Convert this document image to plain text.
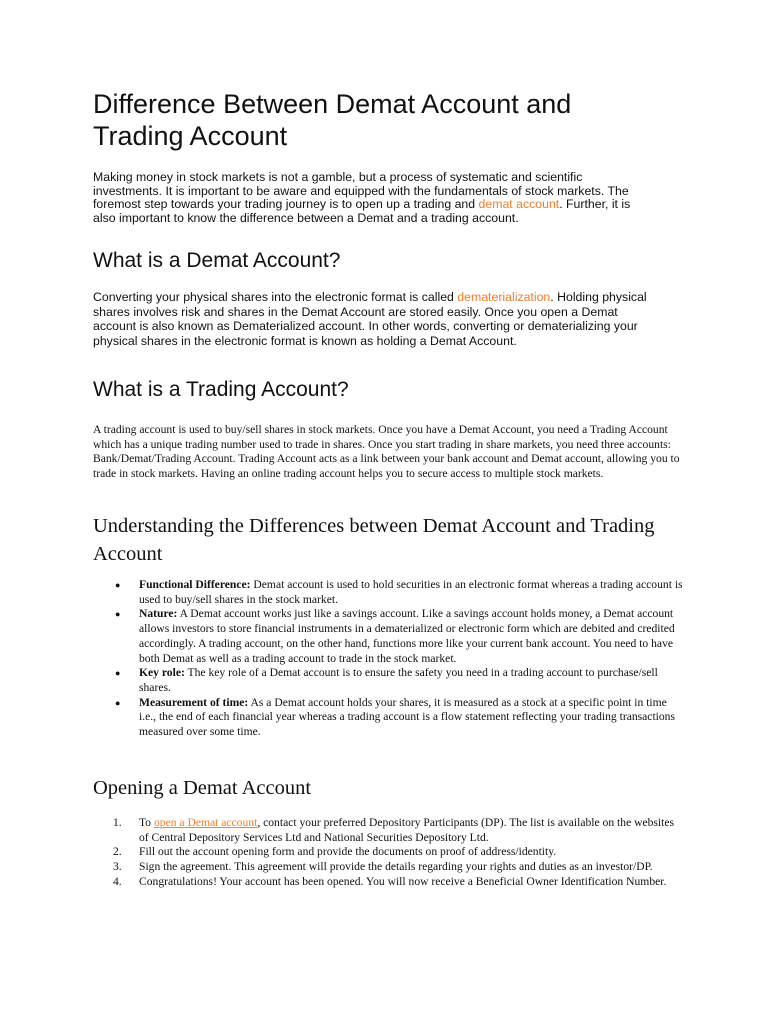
Difference Between Demat Account and Trading Account

Making money in stock markets is not a gamble, but a process of systematic and scientific investments. It is important to be aware and equipped with the fundamentals of stock markets. The foremost step towards your trading journey is to open up a trading and demat account. Further, it is also important to know the difference between a Demat and a trading account.

What is a Demat Account?

Converting your physical shares into the electronic format is called dematerialization. Holding physical shares involves risk and shares in the Demat Account are stored easily. Once you open a Demat account is also known as Dematerialized account. In other words, converting or dematerializing your physical shares in the electronic format is known as holding a Demat Account.

What is a Trading Account?

A trading account is used to buy/sell shares in stock markets. Once you have a Demat Account, you need a Trading Account which has a unique trading number used to trade in shares. Once you start trading in share markets, you need three accounts: Bank/Demat/Trading Account. Trading Account acts as a link between your bank account and Demat account, allowing you to trade in stock markets. Having an online trading account helps you to secure access to multiple stock markets.

Understanding the Differences between Demat Account and Trading Account
● Functional Difference: Demat account is used to hold securities in an electronic format whereas a trading account is used to buy/sell shares in the stock market.
● Nature: A Demat account works just like a savings account. Like a savings account holds money, a Demat account allows investors to store financial instruments in a dematerialized or electronic form which are debited and credited accordingly. A trading account, on the other hand, functions more like your current bank account. You need to have both Demat as well as a trading account to trade in the stock market.
● Key role: The key role of a Demat account is to ensure the safety you need in a trading account to purchase/sell shares.
● Measurement of time: As a Demat account holds your shares, it is measured as a stock at a specific point in time i.e., the end of each financial year whereas a trading account is a flow statement reflecting your trading transactions measured over some time.
Opening a Demat Account
1. To open a Demat account, contact your preferred Depository Participants (DP). The list is available on the websites of Central Depository Services Ltd and National Securities Depository Ltd.
2. Fill out the account opening form and provide the documents on proof of address/identity.
3. Sign the agreement. This agreement will provide the details regarding your rights and duties as an investor/DP.
4. Congratulations! Your account has been opened. You will now receive a Beneficial Owner Identification Number.
